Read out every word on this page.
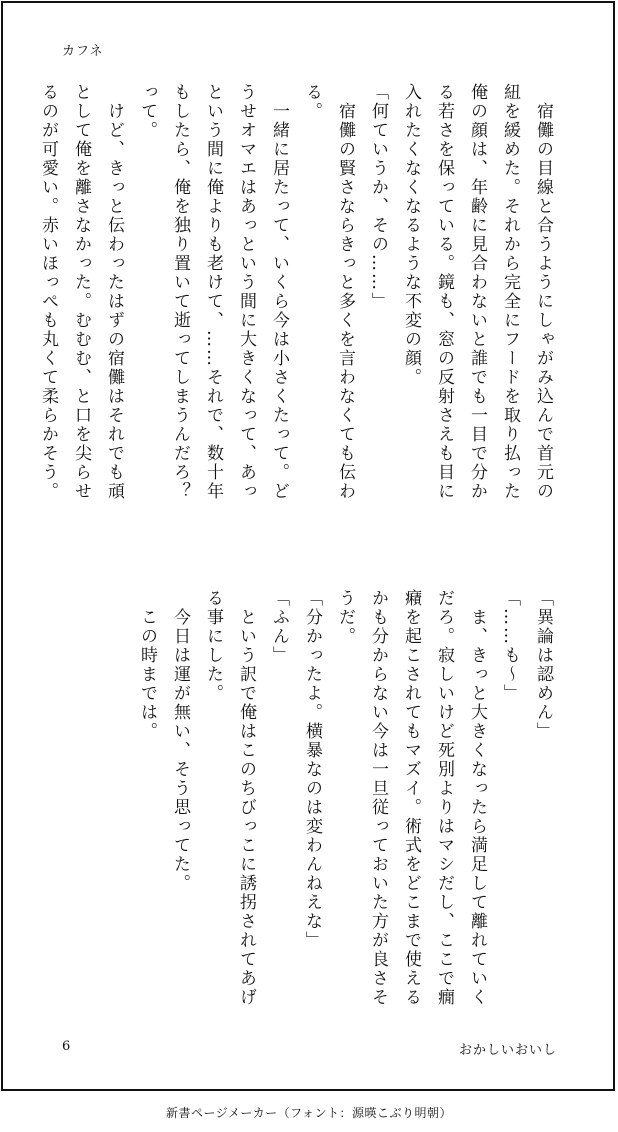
カフネ
　宿儺の目線と合うようにしゃがみ込んで首元の
紐を緩めた。それから完全にフードを取り払った
俺の顔は、年齢に見合わないと誰でも一目で分か
る若さを保っている。鏡も、窓の反射さえも目に
入れたくなくなるような不変の顔。
「何ていうか、その……」
　宿儺の賢さならきっと多くを言わなくても伝わ
る。
　一緒に居たって、いくら今は小さくたって。ど
うせオマエはあっという間に大きくなって、あっ
という間に俺よりも老けて、……それで、数十年
もしたら、俺を独り置いて逝ってしまうんだろ？
って。
　けど、きっと伝わったはずの宿儺はそれでも頑
として俺を離さなかった。むむむ、と口を尖らせ
るのが可愛い。赤いほっぺも丸くて柔らかそう。
「異論は認めん」
「……も〜」
　ま、きっと大きくなったら満足して離れていく
だろ。寂しいけど死別よりはマシだし、ここで癇
癪を起こされてもマズイ。術式をどこまで使える
かも分からない今は一旦従っておいた方が良さそ
うだ。
「分かったよ。横暴なのは変わんねえな」
「ふん」
　という訳で俺はこのちびっこに誘拐されてあげ
る事にした。
　今日は運が無い、そう思ってた。
　この時までは。
6	おかしいおいし
新書ページメーカー（フォント：源暎こぶり明朝）
